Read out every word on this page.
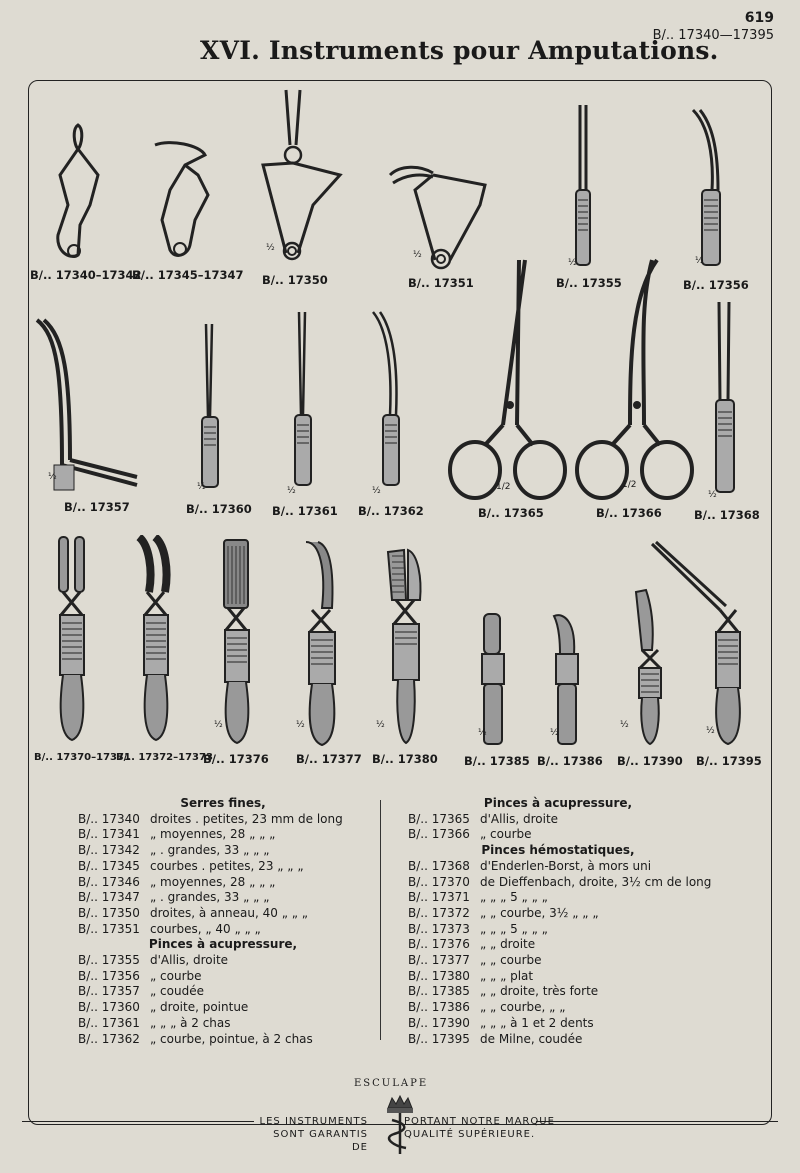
619
B/.. 17340—17395
XVI. Instruments pour Amputations.
B/.. 17340–17342
B/.. 17345–17347 B/.. 17350	B/.. 17351	B/.. 17355	B/.. 17356
½
½
½	½
B/.. 17357	B/.. 17360 B/.. 17361 B/.. 17362	B/.. 17365	B/.. 17366	B/.. 17368
½
½	½	½	1/2	1/2
½
B/.. 17370–17371
B/.. 17372–17373
B/.. 17376 B/.. 17377 B/.. 17380 B/.. 17385 B/.. 17386 B/.. 17390 B/.. 17395
½	½	½
½	½
½
½
Serres fines,
B/.. 17340 droites . petites, 23 mm de long
B/.. 17341 „ moyennes, 28 „ „ „
B/.. 17342 „ . grandes, 33 „ „ „
B/.. 17345 courbes . petites, 23 „ „ „
B/.. 17346 „ moyennes, 28 „ „ „
B/.. 17347 „ . grandes, 33 „ „ „
B/.. 17350 droites, à anneau, 40 „ „ „
B/.. 17351 courbes, „ 40 „ „ „
Pinces à acupressure,
B/.. 17355 d'Allis, droite
B/.. 17356 „ courbe
B/.. 17357 „ coudée
B/.. 17360 „ droite, pointue
B/.. 17361 „ „ „ à 2 chas
B/.. 17362 „ courbe, pointue, à 2 chas
Pinces à acupressure,
B/.. 17365 d'Allis, droite
B/.. 17366 „ courbe
Pinces hémostatiques,
B/.. 17368 d'Enderlen-Borst, à mors uni
B/.. 17370 de Dieffenbach, droite, 3½ cm de long
B/.. 17371 „ „ „ 5 „ „ „
B/.. 17372 „ „ courbe, 3½ „ „ „
B/.. 17373 „ „ „ 5 „ „ „
B/.. 17376 „ „ droite
B/.. 17377 „ „ courbe
B/.. 17380 „ „ „ plat
B/.. 17385 „ „ droite, très forte
B/.. 17386 „ „ courbe, „ „
B/.. 17390 „ „ „ à 1 et 2 dents
B/.. 17395 de Milne, coudée
ESCULAPE
LES INSTRUMENTS
SONT GARANTIS DE
PORTANT NOTRE MARQUE
QUALITÉ SUPÉRIEURE.
